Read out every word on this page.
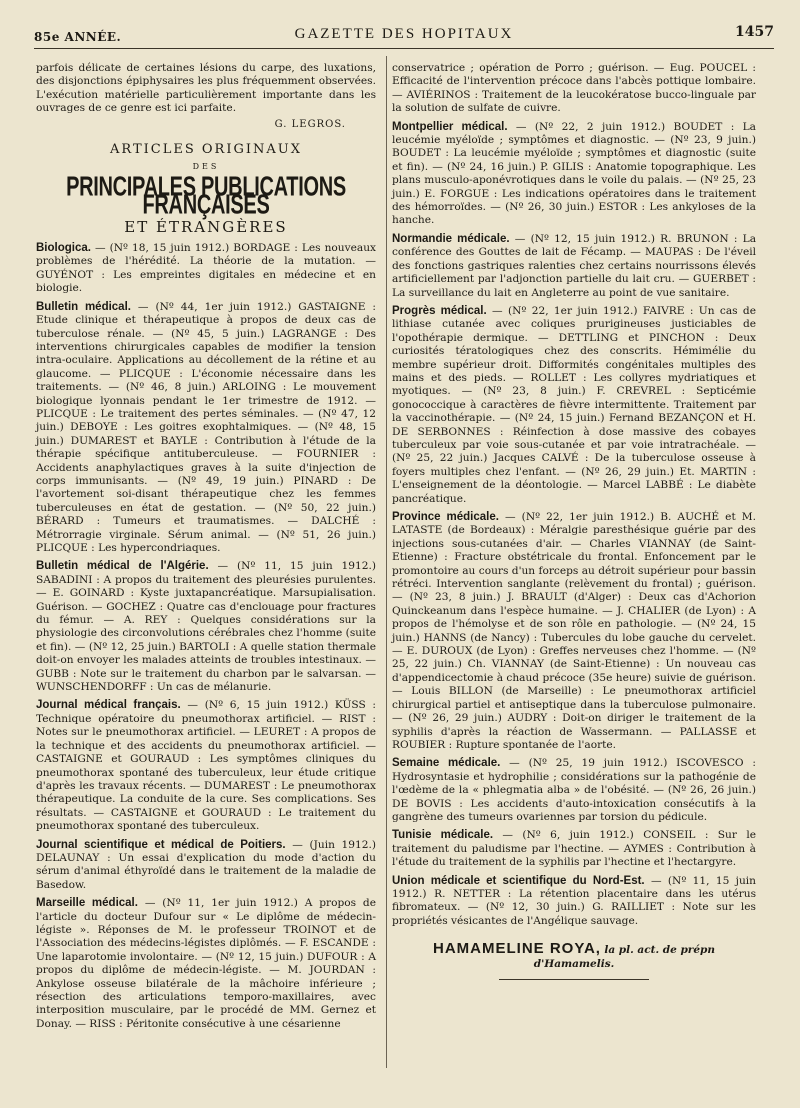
85e ANNÉE.	GAZETTE DES HOPITAUX	1457

parfois délicate de certaines lésions du carpe, des luxations, des disjonctions épiphysaires les plus fréquemment observées. L'exécution matérielle particulièrement importante dans les ouvrages de ce genre est ici parfaite.

G. LEGROS.

ARTICLES ORIGINAUX
DES
PRINCIPALES PUBLICATIONS FRANÇAISES
ET ÉTRANGÈRES

Biologica. — (Nº 18, 15 juin 1912.) BORDAGE : Les nouveaux problèmes de l'hérédité. La théorie de la mutation. — GUYÉNOT : Les empreintes digitales en médecine et en biologie.

Bulletin médical. — (Nº 44, 1er juin 1912.) GASTAIGNE : Etude clinique et thérapeutique à propos de deux cas de tuberculose rénale. — (Nº 45, 5 juin.) LAGRANGE : Des interventions chirurgicales capables de modifier la tension intra-oculaire. Applications au décollement de la rétine et au glaucome. — PLICQUE : L'économie nécessaire dans les traitements. — (Nº 46, 8 juin.) ARLOING : Le mouvement biologique lyonnais pendant le 1er trimestre de 1912. — PLICQUE : Le traitement des pertes séminales. — (Nº 47, 12 juin.) DEBOYE : Les goitres exophtalmiques. — (Nº 48, 15 juin.) DUMAREST et BAYLE : Contribution à l'étude de la thérapie spécifique antituberculeuse. — FOURNIER : Accidents anaphylactiques graves à la suite d'injection de corps immunisants. — (Nº 49, 19 juin.) PINARD : De l'avortement soi-disant thérapeutique chez les femmes tuberculeuses en état de gestation. — (Nº 50, 22 juin.) BÉRARD : Tumeurs et traumatismes. — DALCHÉ : Métrorragie virginale. Sérum animal. — (Nº 51, 26 juin.) PLICQUE : Les hypercondriaques.

Bulletin médical de l'Algérie. — (Nº 11, 15 juin 1912.) SABADINI : A propos du traitement des pleurésies purulentes. — E. GOINARD : Kyste juxtapancréatique. Marsupialisation. Guérison. — GOCHEZ : Quatre cas d'enclouage pour fractures du fémur. — A. REY : Quelques considérations sur la physiologie des circonvolutions cérébrales chez l'homme (suite et fin). — (Nº 12, 25 juin.) BARTOLI : A quelle station thermale doit-on envoyer les malades atteints de troubles intestinaux. — GUBB : Note sur le traitement du charbon par le salvarsan. — WUNSCHENDORFF : Un cas de mélanurie.

Journal médical français. — (Nº 6, 15 juin 1912.) KÜSS : Technique opératoire du pneumothorax artificiel. — RIST : Notes sur le pneumothorax artificiel. — LEURET : A propos de la technique et des accidents du pneumothorax artificiel. — CASTAIGNE et GOURAUD : Les symptômes cliniques du pneumothorax spontané des tuberculeux, leur étude critique d'après les travaux récents. — DUMAREST : Le pneumothorax thérapeutique. La conduite de la cure. Ses complications. Ses résultats. — CASTAIGNE et GOURAUD : Le traitement du pneumothorax spontané des tuberculeux.

Journal scientifique et médical de Poitiers. — (Juin 1912.) DELAUNAY : Un essai d'explication du mode d'action du sérum d'animal éthyroïdé dans le traitement de la maladie de Basedow.

Marseille médical. — (Nº 11, 1er juin 1912.) A propos de l'article du docteur Dufour sur « Le diplôme de médecin-légiste ». Réponses de M. le professeur TROINOT et de l'Association des médecins-légistes diplômés. — F. ESCANDE : Une laparotomie involontaire. — (Nº 12, 15 juin.) DUFOUR : A propos du diplôme de médecin-légiste. — M. JOURDAN : Ankylose osseuse bilatérale de la mâchoire inférieure ; résection des articulations temporo-maxillaires, avec interposition musculaire, par le procédé de MM. Gernez et Donay. — RISS : Péritonite consécutive à une césarienne

conservatrice ; opération de Porro ; guérison. — Eug. POUCEL : Efficacité de l'intervention précoce dans l'abcès pottique lombaire. — AVIÉRINOS : Traitement de la leucokératose bucco-linguale par la solution de sulfate de cuivre.

Montpellier médical. — (Nº 22, 2 juin 1912.) BOUDET : La leucémie myéloïde ; symptômes et diagnostic. — (Nº 23, 9 juin.) BOUDET : La leucémie myéloïde ; symptômes et diagnostic (suite et fin). — (Nº 24, 16 juin.) P. GILIS : Anatomie topographique. Les plans musculo-aponévrotiques dans le voile du palais. — (Nº 25, 23 juin.) E. FORGUE : Les indications opératoires dans le traitement des hémorroïdes. — (Nº 26, 30 juin.) ESTOR : Les ankyloses de la hanche.

Normandie médicale. — (Nº 12, 15 juin 1912.) R. BRUNON : La conférence des Gouttes de lait de Fécamp. — MAUPAS : De l'éveil des fonctions gastriques ralenties chez certains nourrissons élevés artificiellement par l'adjonction partielle du lait cru. — GUERBET : La surveillance du lait en Angleterre au point de vue sanitaire.

Progrès médical. — (Nº 22, 1er juin 1912.) FAIVRE : Un cas de lithiase cutanée avec coliques prurigineuses justiciables de l'opothérapie dermique. — DETTLING et PINCHON : Deux curiosités tératologiques chez des conscrits. Hémimélie du membre supérieur droit. Difformités congénitales multiples des mains et des pieds. — ROLLET : Les collyres mydriatiques et myotiques. — (Nº 23, 8 juin.) F. CREVREL : Septicémie gonococcique à caractères de fièvre intermittente. Traitement par la vaccinothérapie. — (Nº 24, 15 juin.) Fernand BEZANÇON et H. DE SERBONNES : Réinfection à dose massive des cobayes tuberculeux par voie sous-cutanée et par voie intratrachéale. — (Nº 25, 22 juin.) Jacques CALVÉ : De la tuberculose osseuse à foyers multiples chez l'enfant. — (Nº 26, 29 juin.) Et. MARTIN : L'enseignement de la déontologie. — Marcel LABBÉ : Le diabète pancréatique.

Province médicale. — (Nº 22, 1er juin 1912.) B. AUCHÉ et M. LATASTE (de Bordeaux) : Méralgie paresthésique guérie par des injections sous-cutanées d'air. — Charles VIANNAY (de Saint-Etienne) : Fracture obstétricale du frontal. Enfoncement par le promontoire au cours d'un forceps au détroit supérieur pour bassin rétréci. Intervention sanglante (relèvement du frontal) ; guérison. — (Nº 23, 8 juin.) J. BRAULT (d'Alger) : Deux cas d'Achorion Quinckeanum dans l'espèce humaine. — J. CHALIER (de Lyon) : A propos de l'hémolyse et de son rôle en pathologie. — (Nº 24, 15 juin.) HANNS (de Nancy) : Tubercules du lobe gauche du cervelet. — E. DUROUX (de Lyon) : Greffes nerveuses chez l'homme. — (Nº 25, 22 juin.) Ch. VIANNAY (de Saint-Etienne) : Un nouveau cas d'appendicectomie à chaud précoce (35e heure) suivie de guérison. — Louis BILLON (de Marseille) : Le pneumothorax artificiel chirurgical partiel et antiseptique dans la tuberculose pulmonaire. — (Nº 26, 29 juin.) AUDRY : Doit-on diriger le traitement de la syphilis d'après la réaction de Wassermann. — PALLASSE et ROUBIER : Rupture spontanée de l'aorte.

Semaine médicale. — (Nº 25, 19 juin 1912.) ISCOVESCO : Hydrosyntasie et hydrophilie ; considérations sur la pathogénie de l'œdème de la « phlegmatia alba » de l'obésité. — (Nº 26, 26 juin.) DE BOVIS : Les accidents d'auto-intoxication consécutifs à la gangrène des tumeurs ovariennes par torsion du pédicule.

Tunisie médicale. — (Nº 6, juin 1912.) CONSEIL : Sur le traitement du paludisme par l'hectine. — AYMES : Contribution à l'étude du traitement de la syphilis par l'hectine et l'hectargyre.

Union médicale et scientifique du Nord-Est. — (Nº 11, 15 juin 1912.) R. NETTER : La rétention placentaire dans les utérus fibromateux. — (Nº 12, 30 juin.) G. RAILLIET : Note sur les propriétés vésicantes de l'Angélique sauvage.

HAMAMELINE ROYA, la pl. act. de prépn d'Hamamelis.
